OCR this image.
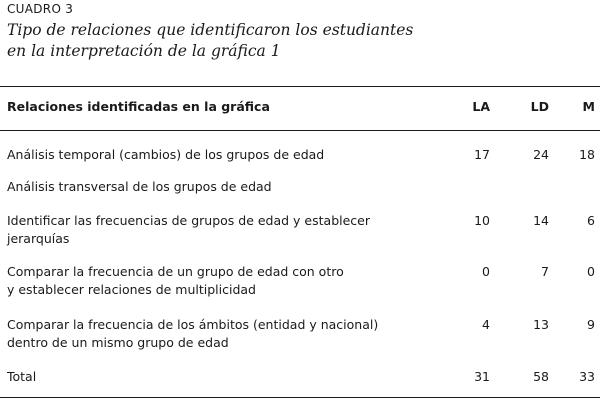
CUADRO 3
Tipo de relaciones que identificaron los estudiantes
en la interpretación de la gráfica 1
Relaciones identificadas en la gráfica	LA	LD	M
Análisis temporal (cambios) de los grupos de edad	17	24	18
Análisis transversal de los grupos de edad
Identificar las frecuencias de grupos de edad y establecer
jerarquías
10	14	6
Comparar la frecuencia de un grupo de edad con otro
y establecer relaciones de multiplicidad
0	7	0
Comparar la frecuencia de los ámbitos (entidad y nacional)
dentro de un mismo grupo de edad
4	13	9
Total	31	58	33
